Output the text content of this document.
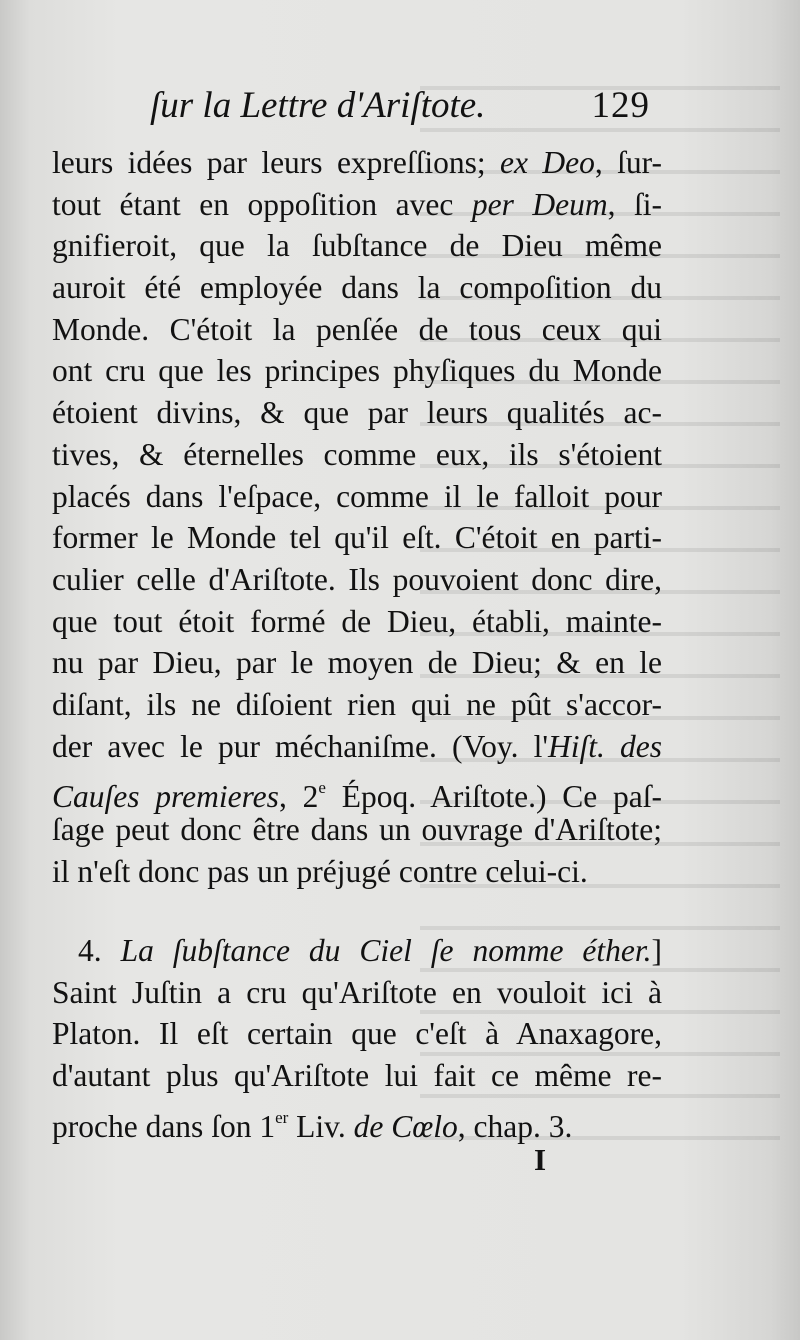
ſur la Lettre d'Ariſtote.	129
leurs idées par leurs expreſſions; ex Deo, ſur-
tout étant en oppoſition avec per Deum, ſi-
gnifieroit, que la ſubſtance de Dieu même
auroit été employée dans la compoſition du
Monde. C'étoit la penſée de tous ceux qui
ont cru que les principes phyſiques du Monde
étoient divins, & que par leurs qualités ac-
tives, & éternelles comme eux, ils s'étoient
placés dans l'eſpace, comme il le falloit pour
former le Monde tel qu'il eſt. C'étoit en parti-
culier celle d'Ariſtote. Ils pouvoient donc dire,
que tout étoit formé de Dieu, établi, mainte-
nu par Dieu, par le moyen de Dieu; & en le
diſant, ils ne diſoient rien qui ne pût s'accor-
der avec le pur méchaniſme. (Voy. l'Hiſt. des
Cauſes premieres, 2e Époq. Ariſtote.) Ce paſ-
ſage peut donc être dans un ouvrage d'Ariſtote;
il n'eſt donc pas un préjugé contre celui-ci.
4. La ſubſtance du Ciel ſe nomme éther.]
Saint Juſtin a cru qu'Ariſtote en vouloit ici à
Platon. Il eſt certain que c'eſt à Anaxagore,
d'autant plus qu'Ariſtote lui fait ce même re-
proche dans ſon 1er Liv. de Cœlo, chap. 3.
I
